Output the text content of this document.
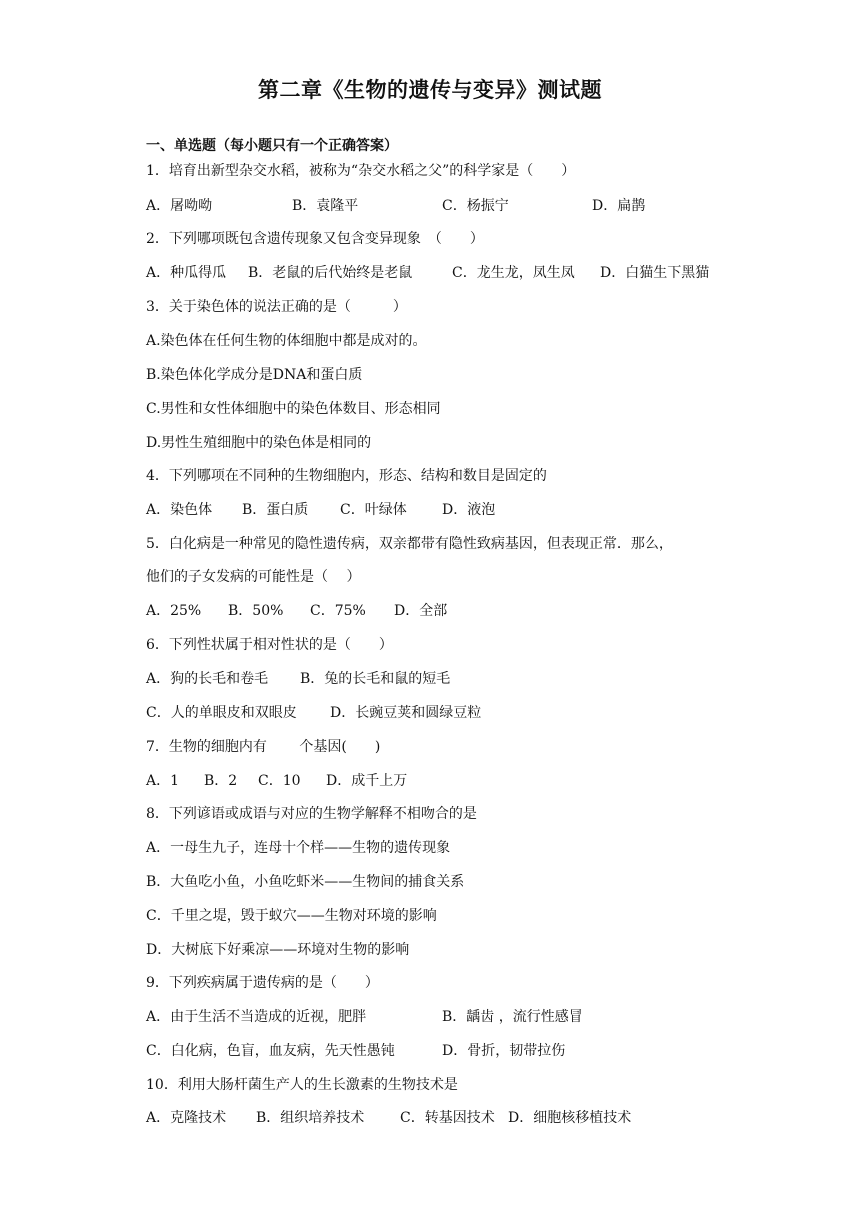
第二章《生物的遗传与变异》测试题
一、单选题（每小题只有一个正确答案）
1．培育出新型杂交水稻，被称为“杂交水稻之父”的科学家是（　　）

A．屠呦呦

	B．袁隆平

	C．杨振宁

	D．扁鹊

2．下列哪项既包含遗传现象又包含变异现象　（　　）

A．种瓜得瓜

B．老鼠的后代始终是老鼠

	C．龙生龙，凤生凤

D．白猫生下黑猫

3．关于染色体的说法正确的是（　　　）
A.染色体在任何生物的体细胞中都是成对的。
B.染色体化学成分是DNA和蛋白质
C.男性和女性体细胞中的染色体数目、形态相同
D.男性生殖细胞中的染色体是相同的
4．下列哪项在不同种的生物细胞内，形态、结构和数目是固定的

A．染色体

B．蛋白质

C．叶绿体

	D．液泡

5．白化病是一种常见的隐性遗传病，双亲都带有隐性致病基因，但表现正常．那么，
他们的子女发病的可能性是（　 ）

A．25%

B．50%

C．75%

D．全部

6．下列性状属于相对性状的是（　　）

A．狗的长毛和卷毛

B．兔的长毛和鼠的短毛

C．人的单眼皮和双眼皮

D．长豌豆荚和圆绿豆粒

7．生物的细胞内有　　 个基因(　　)

A．1

B．2

C．10

D．成千上万

8．下列谚语或成语与对应的生物学解释不相吻合的是
A．一母生九子，连母十个样——生物的遗传现象
B．大鱼吃小鱼，小鱼吃虾米——生物间的捕食关系
C．千里之堤，毁于蚁穴——生物对环境的影响
D．大树底下好乘凉——环境对生物的影响
9．下列疾病属于遗传病的是（　　）

A．由于生活不当造成的近视，肥胖

	B．龋齿 ，流行性感冒

C．白化病，色盲，血友病，先天性愚钝

	D．骨折，韧带拉伤

10．利用大肠杆菌生产人的生长激素的生物技术是

A．克隆技术

B．组织培养技术

	C．转基因技术

D．细胞核移植技术
